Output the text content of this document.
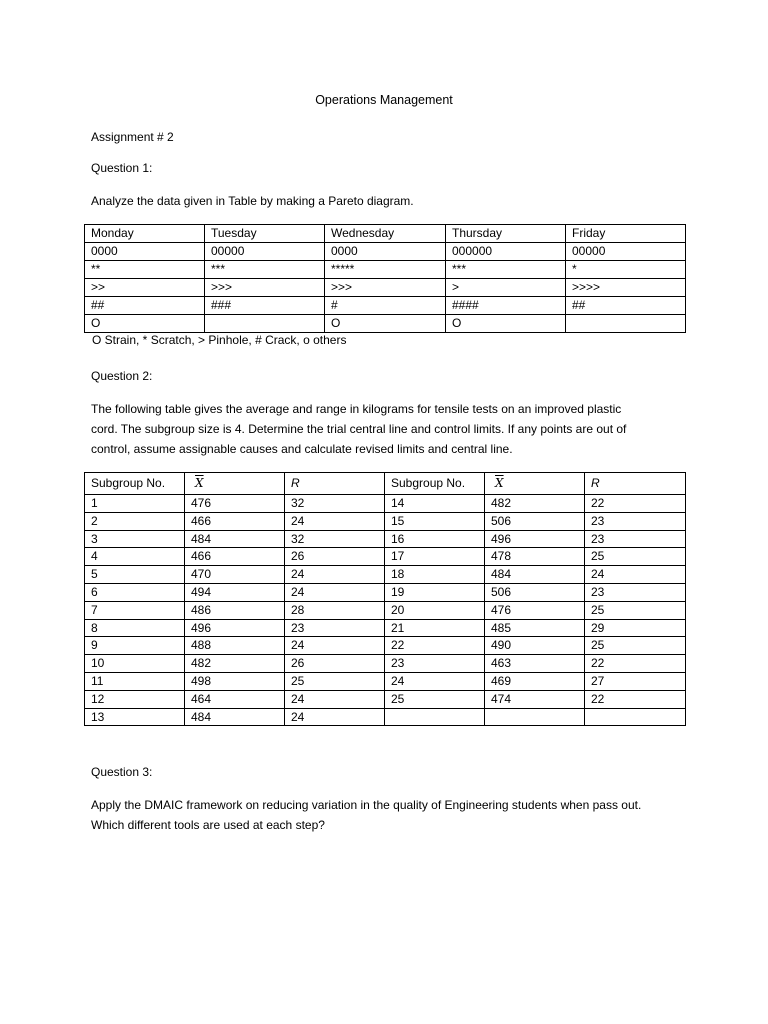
Operations Management
Assignment # 2
Question 1:
Analyze the data given in Table by making a Pareto diagram.
Monday	Tuesday	Wednesday	Thursday	Friday
0000	00000	0000	000000	00000
**	***	*****	***	*
>>	>>>	>>>	>	>>>>
##	###	#	####	##
O		O	O	
O Strain, * Scratch, > Pinhole, # Crack, o others
Question 2:
The following table gives the average and range in kilograms for tensile tests on an improved plastic
cord. The subgroup size is 4. Determine the trial central line and control limits. If any points are out of
control, assume assignable causes and calculate revised limits and central line.
Subgroup No.	$\overline{X}$	R	Subgroup No.	$\overline{X}$	R
1	476	32	14	482	22
2	466	24	15	506	23
3	484	32	16	496	23
4	466	26	17	478	25
5	470	24	18	484	24
6	494	24	19	506	23
7	486	28	20	476	25
8	496	23	21	485	29
9	488	24	22	490	25
10	482	26	23	463	22
11	498	25	24	469	27
12	464	24	25	474	22
13	484	24			
Question 3:
Apply the DMAIC framework on reducing variation in the quality of Engineering students when pass out.
Which different tools are used at each step?
